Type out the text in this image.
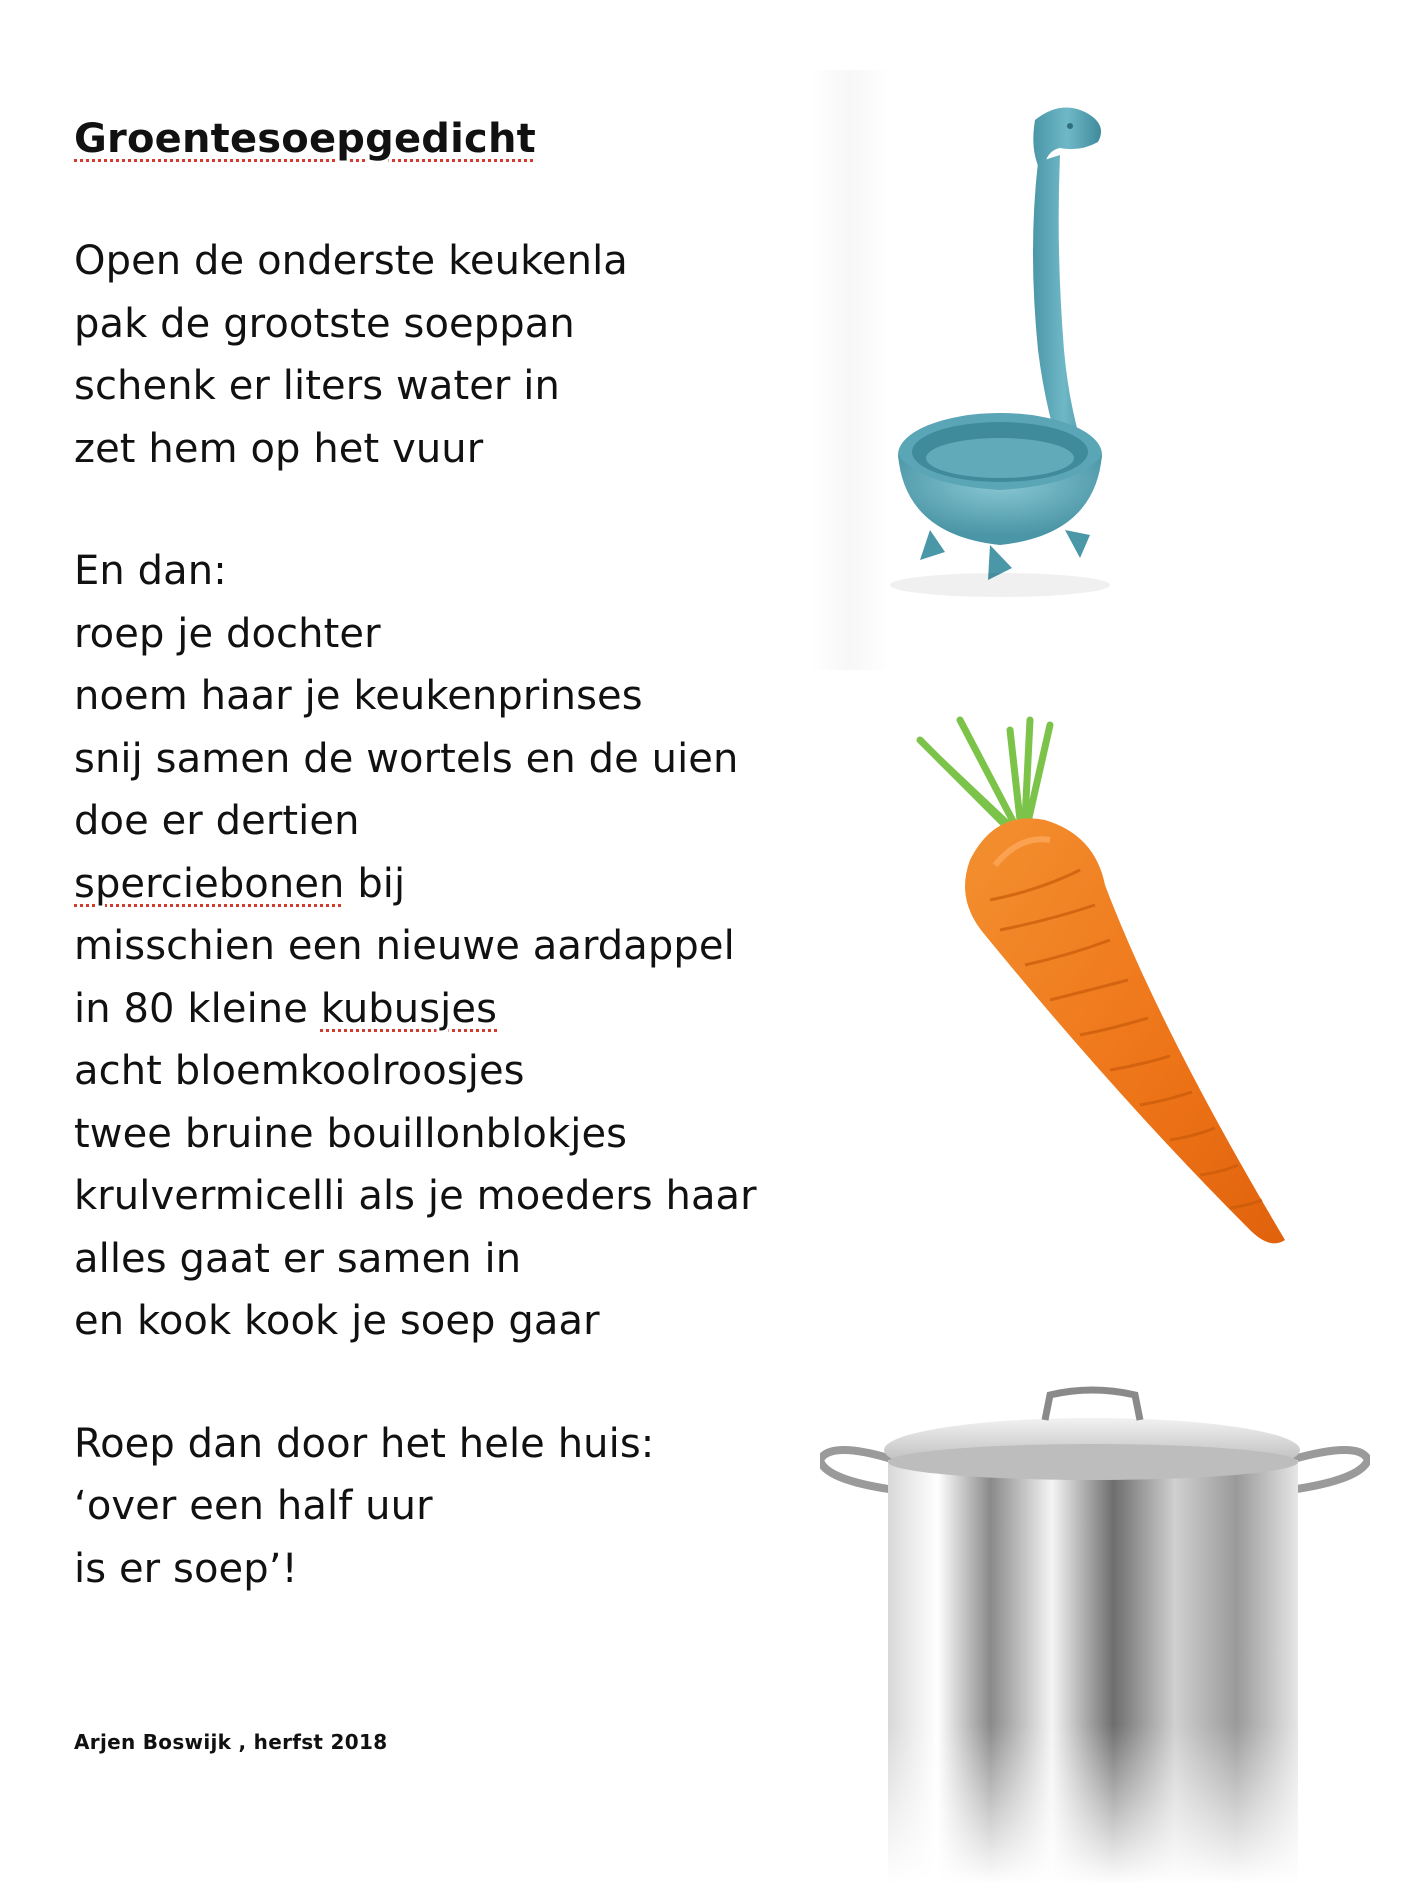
Groentesoepgedicht
Open de onderste keukenla
pak de grootste soeppan
schenk er liters water in
zet hem op het vuur
En dan:
roep je dochter
noem haar je keukenprinses
snij samen de wortels en de uien
doe er dertien
sperciebonen bij
misschien een nieuwe aardappel
in 80 kleine kubusjes
acht bloemkoolroosjes
twee bruine bouillonblokjes
krulvermicelli als je moeders haar
alles gaat er samen in
en kook kook je soep gaar
Roep dan door het hele huis:
‘over een half uur
is er soep’!
Arjen Boswijk , herfst 2018
